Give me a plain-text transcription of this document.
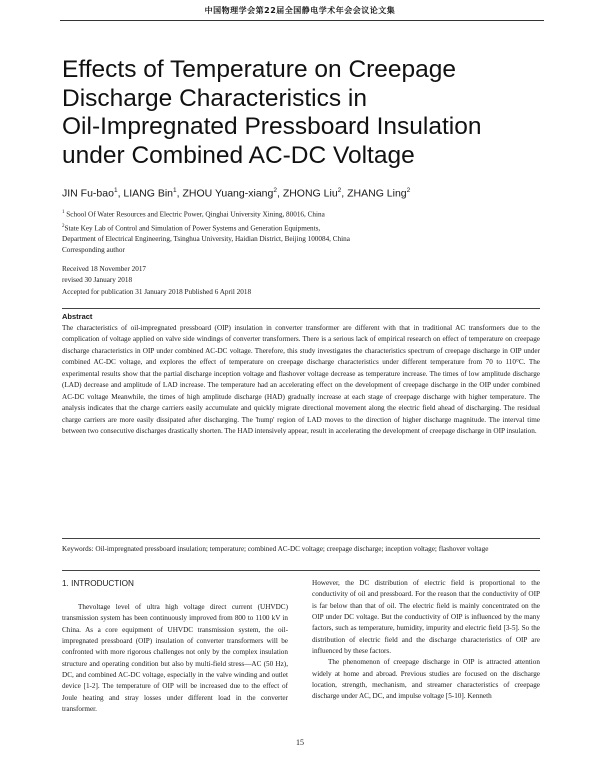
中国物理学会第22届全国静电学术年会会议论文集
Effects of Temperature on Creepage
Discharge Characteristics in
Oil-Impregnated Pressboard Insulation
under Combined AC-DC Voltage
JIN Fu-bao$^1$, LIANG Bin$^1$, ZHOU Yuang-xiang$^2$, ZHONG Liu$^2$, ZHANG Ling$^2$
$^1$ School Of Water Resources and Electric Power, Qinghai University Xining, 80016, China
$^2$State Key Lab of Control and Simulation of Power Systems and Generation Equipments,
Department of Electrical Engineering, Tsinghua University, Haidian District, Beijing 100084, China
Corresponding author
Received 18 November 2017
revised 30 January 2018
Accepted for publication 31 January 2018 Published 6 April 2018
Abstract

The characteristics of oil-impregnated pressboard (OIP) insulation in converter transformer are different with that in traditional AC transformers due to the complication of voltage applied on valve side windings of converter transformers. There is a serious lack of empirical research on effect of temperature on creepage discharge characteristics in OIP under combined AC-DC voltage. Therefore, this study investigates the characteristics spectrum of creepage discharge in OIP under combined AC-DC voltage, and explores the effect of temperature on creepage discharge characteristics under different temperature from 70 to 110°C. The experimental results show that the partial discharge inception voltage and flashover voltage decrease as temperature increase. The times of low amplitude discharge (LAD) decrease and amplitude of LAD increase. The temperature had an accelerating effect on the development of creepage discharge in the OIP under combined AC-DC voltage Meanwhile, the times of high amplitude discharge (HAD) gradually increase at each stage of creepage discharge with higher temperature. The analysis indicates that the charge carriers easily accumulate and quickly migrate directional movement along the electric field ahead of discharging. The residual charge carriers are more easily dissipated after discharging. The 'hump' region of LAD moves to the direction of higher discharge magnitude. The interval time between two consecutive discharges drastically shorten. The HAD intensively appear, result in accelerating the development of creepage discharge in OIP insulation.

Keywords: Oil-impregnated pressboard insulation; temperature; combined AC-DC voltage; creepage discharge; inception voltage; flashover voltage
1. INTRODUCTION

Thevoltage level of ultra high voltage direct current (UHVDC) transmission system has been continuously improved from 800 to 1100 kV in China. As a core equipment of UHVDC transmission system, the oil-impregnated pressboard (OIP) insulation of converter transformers will be confronted with more rigorous challenges not only by the complex insulation structure and operating condition but also by multi-field stress—AC (50 Hz), DC, and combined AC-DC voltage, especially in the valve winding and outlet device [1-2]. The temperature of OIP will be increased due to the effect of Joule heating and stray losses under different load in the converter transformer.

However, the DC distribution of electric field is proportional to the conductivity of oil and pressboard. For the reason that the conductivity of OIP is far below than that of oil. The electric field is mainly concentrated on the OIP under DC voltage. But the conductivity of OIP is influenced by the many factors, such as temperature, humidity, impurity and electric field [3-5]. So the distribution of electric field and the discharge characteristics of OIP are influenced by these factors.

The phenomenon of creepage discharge in OIP is attracted attention widely at home and abroad. Previous studies are focused on the discharge location, strength, mechanism, and streamer characteristics of creepage discharge under AC, DC, and impulse voltage [5-10]. Kenneth

15
